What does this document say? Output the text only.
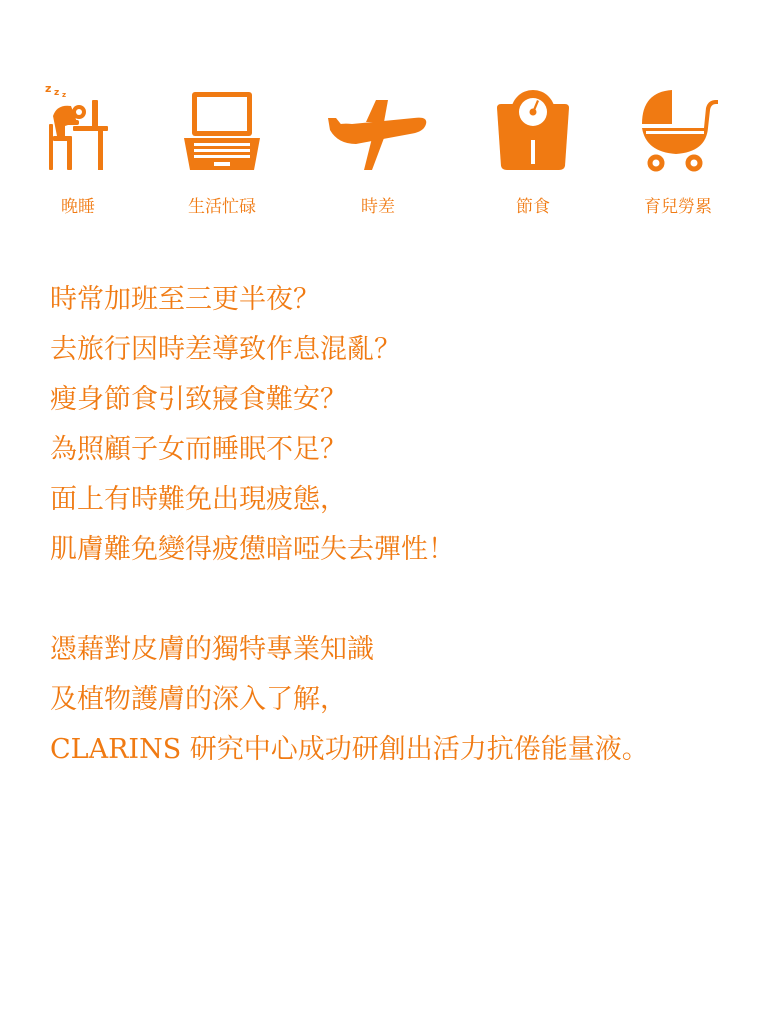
z z z
晚睡	生活忙碌	時差	節食	育兒勞累
時常加班至三更半夜？
去旅行因時差導致作息混亂？
瘦身節食引致寢食難安？
為照顧子女而睡眠不足？
面上有時難免出現疲態，
肌膚難免變得疲憊暗啞失去彈性！
憑藉對皮膚的獨特專業知識
及植物護膚的深入了解，
CLARINS 研究中心成功研創出活力抗倦能量液。
